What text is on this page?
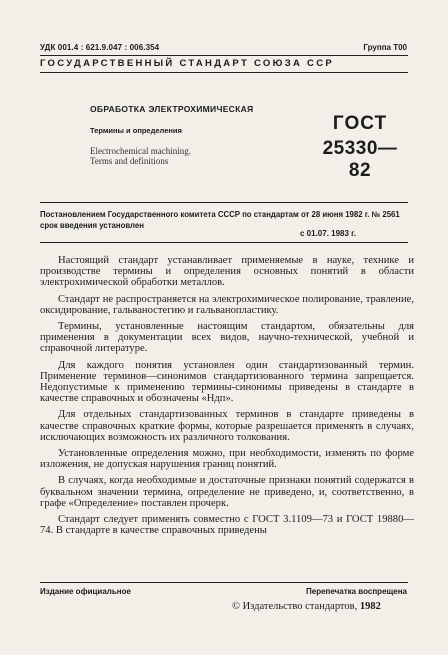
УДК 001.4 : 621.9.047 : 006.354	Группа Т00
ГОСУДАРСТВЕННЫЙ СТАНДАРТ СОЮЗА ССР
ОБРАБОТКА ЭЛЕКТРОХИМИЧЕСКАЯ
Термины и определения
Electrochemical machining.
Terms and definitions
ГОСТ
25330—82
Постановлением Государственного комитета СССР по стандартам от 28 июня 1982 г. № 2561 срок введения установлен
с 01.07. 1983 г.

Настоящий стандарт устанавливает применяемые в науке, технике и производстве термины и определения основных понятий в области электрохимической обработки металлов.

Стандарт не распространяется на электрохимическое полирование, травление, оксидирование, гальваностегию и гальванопластику.

Термины, установленные настоящим стандартом, обязательны для применения в документации всех видов, научно-технической, учебной и справочной литературе.

Для каждого понятия установлен один стандартизованный термин. Применение терминов—синонимов стандартизованного термина запрещается. Недопустимые к применению термины-синонимы приведены в стандарте в качестве справочных и обозначены «Ндп».

Для отдельных стандартизованных терминов в стандарте приведены в качестве справочных краткие формы, которые разрешается применять в случаях, исключающих возможность их различного толкования.

Установленные определения можно, при необходимости, изменять по форме изложения, не допуская нарушения границ понятий.

В случаях, когда необходимые и достаточные признаки понятий содержатся в буквальном значении термина, определение не приведено, и, соответственно, в графе «Определение» поставлен прочерк.

Стандарт следует применять совместно с ГОСТ 3.1109—73 и ГОСТ 19880—74. В стандарте в качестве справочных приведены

Издание официальное	Перепечатка воспрещена
© Издательство стандартов, 1982
